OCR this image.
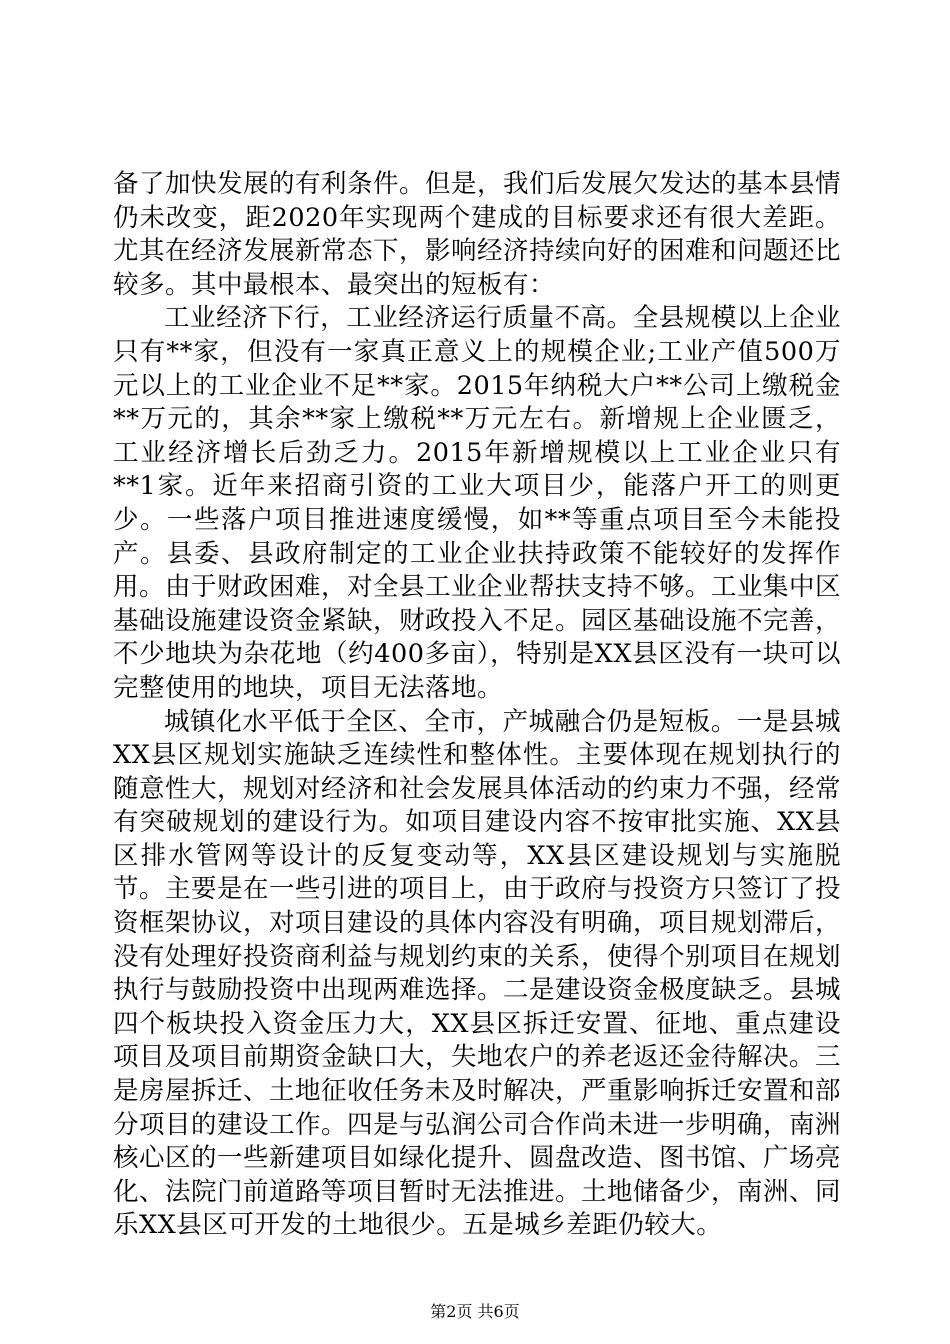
备了加快发展的有利条件。但是，我们后发展欠发达的基本县情仍未改变，距2020年实现两个建成的目标要求还有很大差距。尤其在经济发展新常态下，影响经济持续向好的困难和问题还比较多。其中最根本、最突出的短板有：

工业经济下行，工业经济运行质量不高。全县规模以上企业只有**家，但没有一家真正意义上的规模企业;工业产值500万元以上的工业企业不足**家。2015年纳税大户**公司上缴税金**万元的，其余**家上缴税**万元左右。新增规上企业匮乏，工业经济增长后劲乏力。2015年新增规模以上工业企业只有**1家。近年来招商引资的工业大项目少，能落户开工的则更少。一些落户项目推进速度缓慢，如**等重点项目至今未能投产。县委、县政府制定的工业企业扶持政策不能较好的发挥作用。由于财政困难，对全县工业企业帮扶支持不够。工业集中区基础设施建设资金紧缺，财政投入不足。园区基础设施不完善，不少地块为杂花地（约400多亩），特别是XX县区没有一块可以完整使用的地块，项目无法落地。

城镇化水平低于全区、全市，产城融合仍是短板。一是县城XX县区规划实施缺乏连续性和整体性。主要体现在规划执行的随意性大，规划对经济和社会发展具体活动的约束力不强，经常有突破规划的建设行为。如项目建设内容不按审批实施、XX县区排水管网等设计的反复变动等，XX县区建设规划与实施脱节。主要是在一些引进的项目上，由于政府与投资方只签订了投资框架协议，对项目建设的具体内容没有明确，项目规划滞后，没有处理好投资商利益与规划约束的关系，使得个别项目在规划执行与鼓励投资中出现两难选择。二是建设资金极度缺乏。县城四个板块投入资金压力大，XX县区拆迁安置、征地、重点建设项目及项目前期资金缺口大，失地农户的养老返还金待解决。三是房屋拆迁、土地征收任务未及时解决，严重影响拆迁安置和部分项目的建设工作。四是与弘润公司合作尚未进一步明确，南洲核心区的一些新建项目如绿化提升、圆盘改造、图书馆、广场亮化、法院门前道路等项目暂时无法推进。土地储备少，南洲、同乐XX县区可开发的土地很少。五是城乡差距仍较大。

第2页 共6页
